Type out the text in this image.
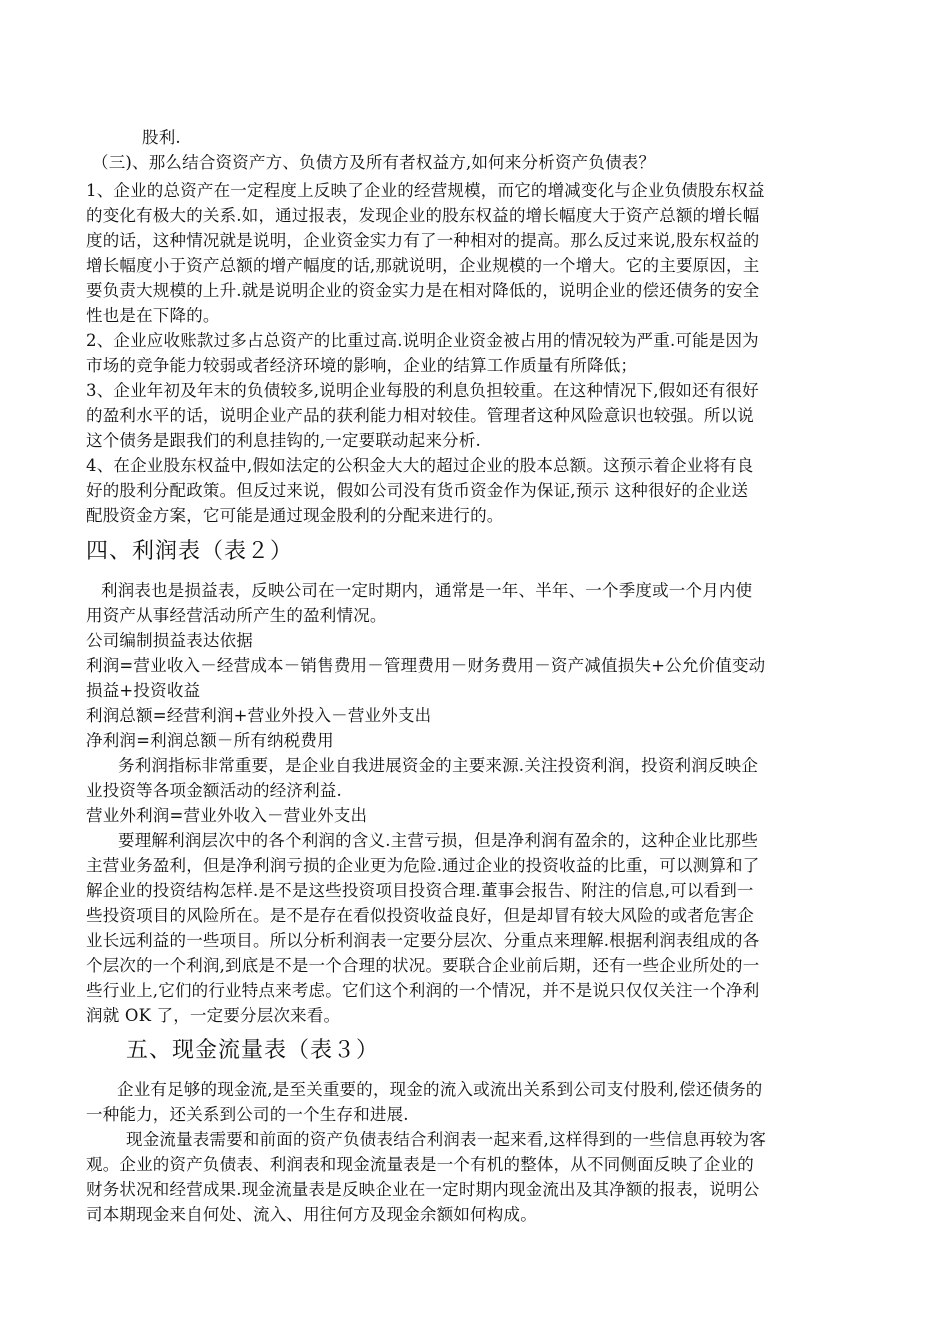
股利.
（三)、那么结合资资产方、负债方及所有者权益方,如何来分析资产负债表？
1、企业的总资产在一定程度上反映了企业的经营规模，而它的增减变化与企业负债股东权益
的变化有极大的关系.如，通过报表，发现企业的股东权益的增长幅度大于资产总额的增长幅
度的话，这种情况就是说明，企业资金实力有了一种相对的提高。那么反过来说,股东权益的
增长幅度小于资产总额的增产幅度的话,那就说明，企业规模的一个增大。它的主要原因，主
要负责大规模的上升.就是说明企业的资金实力是在相对降低的，说明企业的偿还债务的安全
性也是在下降的。
2、企业应收账款过多占总资产的比重过高.说明企业资金被占用的情况较为严重.可能是因为
市场的竞争能力较弱或者经济环境的影响，企业的结算工作质量有所降低；
3、企业年初及年末的负债较多,说明企业每股的利息负担较重。在这种情况下,假如还有很好
的盈利水平的话，说明企业产品的获利能力相对较佳。管理者这种风险意识也较强。所以说
这个债务是跟我们的利息挂钩的,一定要联动起来分析.
4、在企业股东权益中,假如法定的公积金大大的超过企业的股本总额。这预示着企业将有良
好的股利分配政策。但反过来说，假如公司没有货币资金作为保证,预示 这种很好的企业送
配股资金方案，它可能是通过现金股利的分配来进行的。
四、利润表（表２）
利润表也是损益表，反映公司在一定时期内，通常是一年、半年、一个季度或一个月内使
用资产从事经营活动所产生的盈利情况。
公司编制损益表达依据
利润=营业收入－经营成本－销售费用－管理费用－财务费用－资产减值损失+公允价值变动
损益+投资收益
利润总额=经营利润+营业外投入－营业外支出
净利润=利润总额－所有纳税费用
务利润指标非常重要，是企业自我进展资金的主要来源.关注投资利润，投资利润反映企
业投资等各项金额活动的经济利益.
营业外利润=营业外收入－营业外支出
要理解利润层次中的各个利润的含义.主营亏损，但是净利润有盈余的，这种企业比那些
主营业务盈利，但是净利润亏损的企业更为危险.通过企业的投资收益的比重，可以测算和了
解企业的投资结构怎样.是不是这些投资项目投资合理.董事会报告、附注的信息,可以看到一
些投资项目的风险所在。是不是存在看似投资收益良好，但是却冒有较大风险的或者危害企
业长远利益的一些项目。所以分析利润表一定要分层次、分重点来理解.根据利润表组成的各
个层次的一个利润,到底是不是一个合理的状况。要联合企业前后期，还有一些企业所处的一
些行业上,它们的行业特点来考虑。它们这个利润的一个情况，并不是说只仅仅关注一个净利
润就 OK 了，一定要分层次来看。
五、现金流量表（表３）
企业有足够的现金流,是至关重要的，现金的流入或流出关系到公司支付股利,偿还债务的
一种能力，还关系到公司的一个生存和进展.
现金流量表需要和前面的资产负债表结合利润表一起来看,这样得到的一些信息再较为客
观。企业的资产负债表、利润表和现金流量表是一个有机的整体，从不同侧面反映了企业的
财务状况和经营成果.现金流量表是反映企业在一定时期内现金流出及其净额的报表，说明公
司本期现金来自何处、流入、用往何方及现金余额如何构成。
